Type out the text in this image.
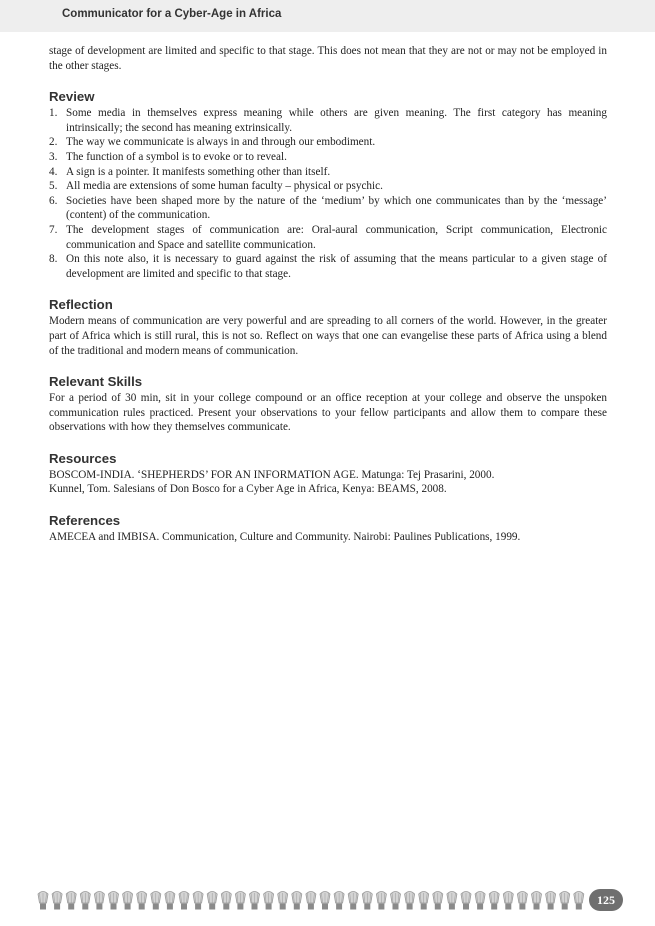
Communicator for a Cyber-Age in Africa

stage of development are limited and specific to that stage. This does not mean that they are not or may not be employed in the other stages.

Review
1. Some media in themselves express meaning while others are given meaning. The first category has meaning intrinsically; the second has meaning extrinsically.
2. The way we communicate is always in and through our embodiment.
3. The function of a symbol is to evoke or to reveal.
4. A sign is a pointer. It manifests something other than itself.
5. All media are extensions of some human faculty – physical or psychic.
6. Societies have been shaped more by the nature of the ‘medium’ by which one communicates than by the ‘message’ (content) of the communication.
7. The development stages of communication are: Oral-aural communication, Script communication, Electronic communication and Space and satellite communication.
8. On this note also, it is necessary to guard against the risk of assuming that the means particular to a given stage of development are limited and specific to that stage.
Reflection

Modern means of communication are very powerful and are spreading to all corners of the world. However, in the greater part of Africa which is still rural, this is not so. Reflect on ways that one can evangelise these parts of Africa using a blend of the traditional and modern means of communication.

Relevant Skills

For a period of 30 min, sit in your college compound or an office reception at your college and observe the unspoken communication rules practiced. Present your observations to your fellow participants and allow them to compare these observations with how they themselves communicate.

Resources

BOSCOM-INDIA. ‘SHEPHERDS’ FOR AN INFORMATION AGE. Matunga: Tej Prasarini, 2000.

Kunnel, Tom. Salesians of Don Bosco for a Cyber Age in Africa, Kenya: BEAMS, 2008.

References

AMECEA and IMBISA. Communication, Culture and Community. Nairobi: Paulines Publications, 1999.

125
